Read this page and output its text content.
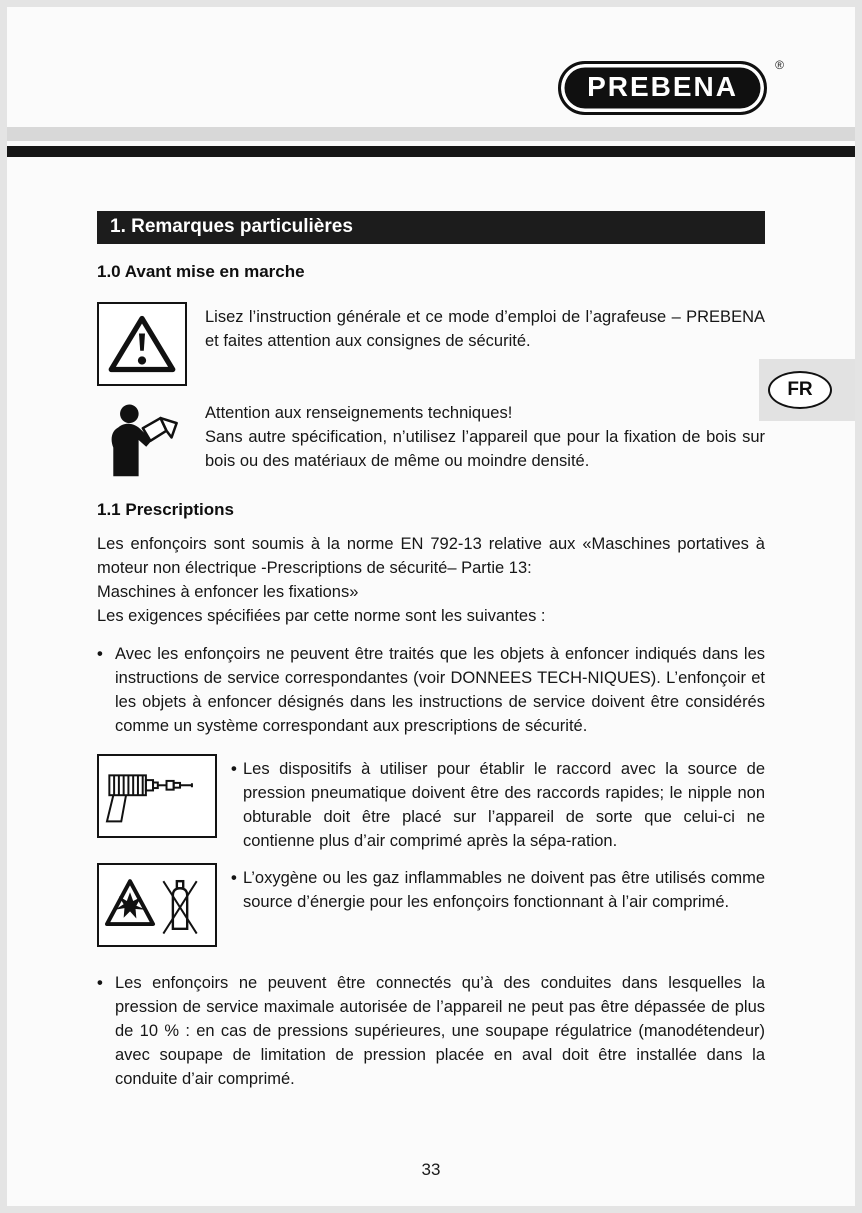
PREBENA
®
1. Remarques particulières
1.0 Avant mise en marche
Lisez l’instruction générale et ce mode d’emploi de l’agrafeuse – PREBENA et faites attention aux consignes de sécurité.
Attention aux renseignements techniques!
Sans autre spécification, n’utilisez l’appareil que pour la fixation de bois sur bois ou des matériaux de même ou moindre densité.
1.1 Prescriptions

Les enfonçoirs sont soumis à la norme EN 792-13 relative aux «Maschines portatives à moteur non électrique -Prescriptions de sécurité– Partie 13:

Maschines à enfoncer les fixations»

Les exigences spécifiées par cette norme sont les suivantes :

• Avec les enfonçoirs ne peuvent être traités que les objets à enfoncer indiqués dans les instructions de service correspondantes (voir DONNEES TECH-NIQUES). L’enfonçoir et les objets à enfoncer désignés dans les instructions de service doivent être considérés comme un système correspondant aux prescriptions de sécurité.
• Les dispositifs à utiliser pour établir le raccord avec la source de pression pneumatique doivent être des raccords rapides; le nipple non obturable doit être placé sur l’appareil de sorte que celui-ci ne contienne plus d’air comprimé après la sépa-ration.
• L’oxygène ou les gaz inflammables ne doivent pas être utilisés comme source d’énergie pour les enfonçoirs fonctionnant à l’air comprimé.
• Les enfonçoirs ne peuvent être connectés qu’à des conduites dans lesquelles la pression de service maximale autorisée de l’appareil ne peut pas être dépassée de plus de 10 % : en cas de pressions supérieures, une soupape régulatrice (manodétendeur) avec soupape de limitation de pression placée en aval doit être installée dans la conduite d’air comprimé.
FR
33
